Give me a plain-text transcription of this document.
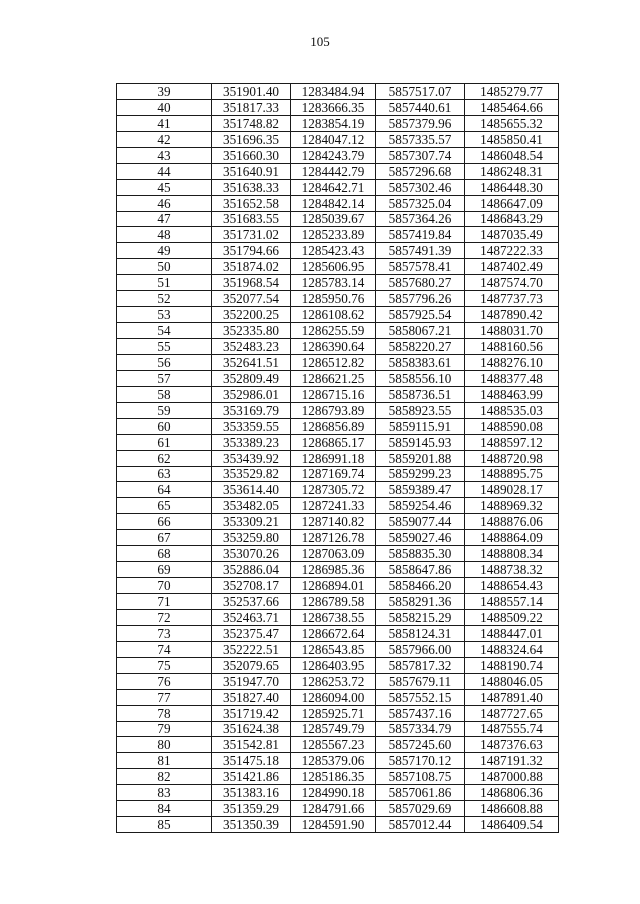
105
39	351901.40	1283484.94	5857517.07	1485279.77
40	351817.33	1283666.35	5857440.61	1485464.66
41	351748.82	1283854.19	5857379.96	1485655.32
42	351696.35	1284047.12	5857335.57	1485850.41
43	351660.30	1284243.79	5857307.74	1486048.54
44	351640.91	1284442.79	5857296.68	1486248.31
45	351638.33	1284642.71	5857302.46	1486448.30
46	351652.58	1284842.14	5857325.04	1486647.09
47	351683.55	1285039.67	5857364.26	1486843.29
48	351731.02	1285233.89	5857419.84	1487035.49
49	351794.66	1285423.43	5857491.39	1487222.33
50	351874.02	1285606.95	5857578.41	1487402.49
51	351968.54	1285783.14	5857680.27	1487574.70
52	352077.54	1285950.76	5857796.26	1487737.73
53	352200.25	1286108.62	5857925.54	1487890.42
54	352335.80	1286255.59	5858067.21	1488031.70
55	352483.23	1286390.64	5858220.27	1488160.56
56	352641.51	1286512.82	5858383.61	1488276.10
57	352809.49	1286621.25	5858556.10	1488377.48
58	352986.01	1286715.16	5858736.51	1488463.99
59	353169.79	1286793.89	5858923.55	1488535.03
60	353359.55	1286856.89	5859115.91	1488590.08
61	353389.23	1286865.17	5859145.93	1488597.12
62	353439.92	1286991.18	5859201.88	1488720.98
63	353529.82	1287169.74	5859299.23	1488895.75
64	353614.40	1287305.72	5859389.47	1489028.17
65	353482.05	1287241.33	5859254.46	1488969.32
66	353309.21	1287140.82	5859077.44	1488876.06
67	353259.80	1287126.78	5859027.46	1488864.09
68	353070.26	1287063.09	5858835.30	1488808.34
69	352886.04	1286985.36	5858647.86	1488738.32
70	352708.17	1286894.01	5858466.20	1488654.43
71	352537.66	1286789.58	5858291.36	1488557.14
72	352463.71	1286738.55	5858215.29	1488509.22
73	352375.47	1286672.64	5858124.31	1488447.01
74	352222.51	1286543.85	5857966.00	1488324.64
75	352079.65	1286403.95	5857817.32	1488190.74
76	351947.70	1286253.72	5857679.11	1488046.05
77	351827.40	1286094.00	5857552.15	1487891.40
78	351719.42	1285925.71	5857437.16	1487727.65
79	351624.38	1285749.79	5857334.79	1487555.74
80	351542.81	1285567.23	5857245.60	1487376.63
81	351475.18	1285379.06	5857170.12	1487191.32
82	351421.86	1285186.35	5857108.75	1487000.88
83	351383.16	1284990.18	5857061.86	1486806.36
84	351359.29	1284791.66	5857029.69	1486608.88
85	351350.39	1284591.90	5857012.44	1486409.54
